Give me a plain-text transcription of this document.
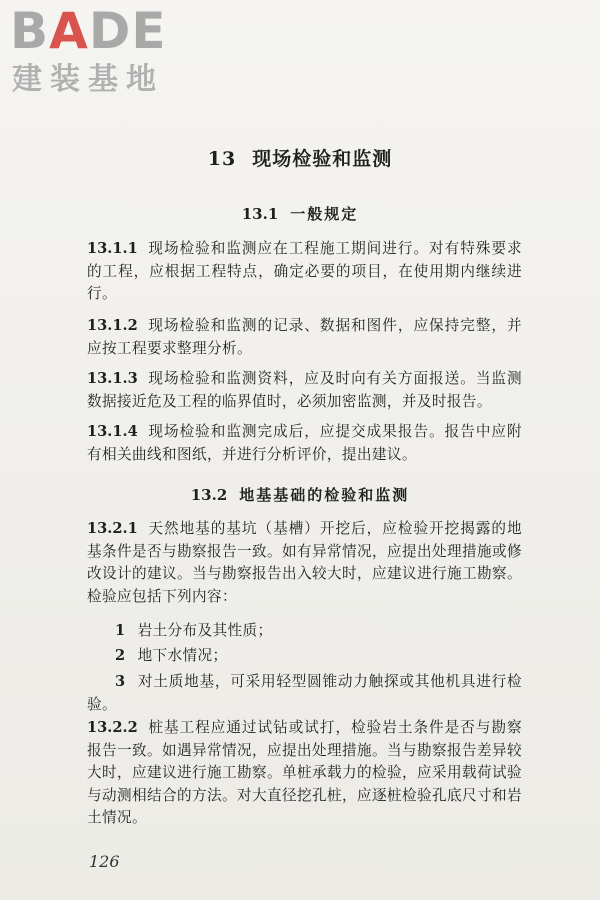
BADE
建装基地
13 现场检验和监测
13.1 一般规定

13.1.1 现场检验和监测应在工程施工期间进行。对有特殊要求的工程，应根据工程特点，确定必要的项目，在使用期内继续进行。

13.1.2 现场检验和监测的记录、数据和图件，应保持完整，并应按工程要求整理分析。

13.1.3 现场检验和监测资料，应及时向有关方面报送。当监测数据接近危及工程的临界值时，必须加密监测，并及时报告。

13.1.4 现场检验和监测完成后，应提交成果报告。报告中应附有相关曲线和图纸，并进行分析评价，提出建议。

13.2 地基基础的检验和监测

13.2.1 天然地基的基坑（基槽）开挖后，应检验开挖揭露的地基条件是否与勘察报告一致。如有异常情况，应提出处理措施或修改设计的建议。当与勘察报告出入较大时，应建议进行施工勘察。检验应包括下列内容：

1 岩土分布及其性质；

2 地下水情况；

3 对土质地基，可采用轻型圆锥动力触探或其他机具进行检验。

13.2.2 桩基工程应通过试钻或试打，检验岩土条件是否与勘察报告一致。如遇异常情况，应提出处理措施。当与勘察报告差异较大时，应建议进行施工勘察。单桩承载力的检验，应采用载荷试验与动测相结合的方法。对大直径挖孔桩，应逐桩检验孔底尺寸和岩土情况。

126
